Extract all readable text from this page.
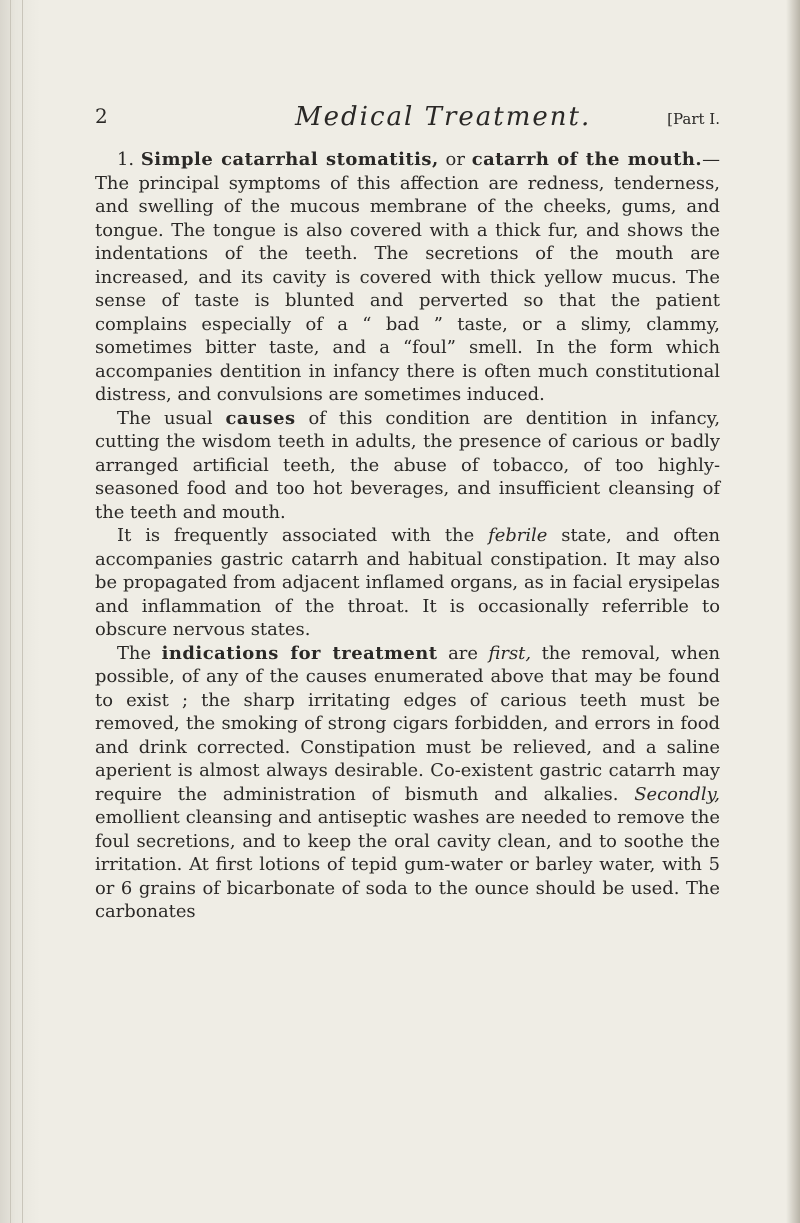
2	Medical Treatment.	[Part I.

1. Simple catarrhal stomatitis, or catarrh of the mouth.—The principal symptoms of this affection are redness, tenderness, and swelling of the mucous membrane of the cheeks, gums, and tongue. The tongue is also covered with a thick fur, and shows the indentations of the teeth. The secretions of the mouth are increased, and its cavity is covered with thick yellow mucus. The sense of taste is blunted and perverted so that the patient complains especially of a “ bad ” taste, or a slimy, clammy, sometimes bitter taste, and a “foul” smell. In the form which accompanies dentition in infancy there is often much constitutional distress, and convulsions are sometimes induced.

The usual causes of this condition are dentition in infancy, cutting the wisdom teeth in adults, the presence of carious or badly arranged artificial teeth, the abuse of tobacco, of too highly-seasoned food and too hot beverages, and insufficient cleansing of the teeth and mouth.

It is frequently associated with the febrile state, and often accompanies gastric catarrh and habitual constipation. It may also be propagated from adjacent inflamed organs, as in facial erysipelas and inflammation of the throat. It is occasionally referrible to obscure nervous states.

The indications for treatment are first, the removal, when possible, of any of the causes enumerated above that may be found to exist ; the sharp irritating edges of carious teeth must be removed, the smoking of strong cigars forbidden, and errors in food and drink corrected. Constipation must be relieved, and a saline aperient is almost always desirable. Co-existent gastric catarrh may require the administration of bismuth and alkalies. Secondly, emollient cleansing and antiseptic washes are needed to remove the foul secretions, and to keep the oral cavity clean, and to soothe the irritation. At first lotions of tepid gum-water or barley water, with 5 or 6 grains of bicarbonate of soda to the ounce should be used. The carbonates
